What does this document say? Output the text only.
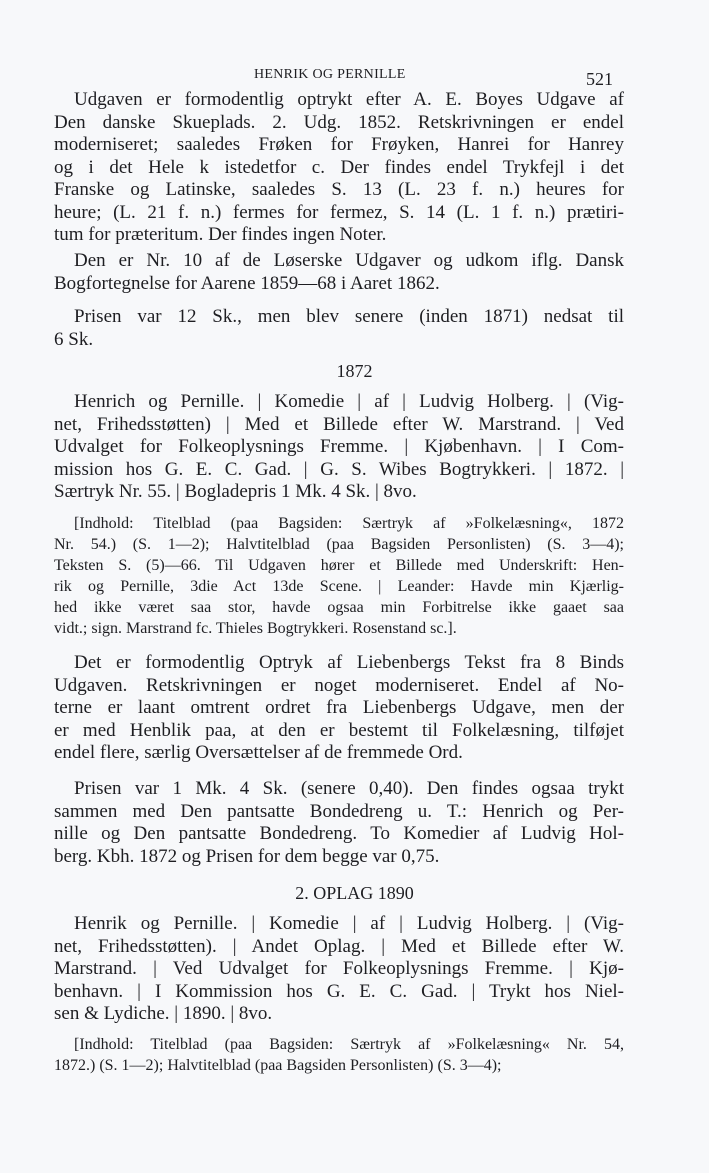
HENRIK OG PERNILLE	521
1872
2. OPLAG 1890
Udgaven er formodentlig optrykt efter A. E. Boyes Udgave af
Den danske Skueplads. 2. Udg. 1852. Retskrivningen er endel
moderniseret; saaledes Frøken for Frøyken, Hanrei for Hanrey
og i det Hele k istedetfor c. Der findes endel Trykfejl i det
Franske og Latinske, saaledes S. 13 (L. 23 f. n.) heures for
heure; (L. 21 f. n.) fermes for fermez, S. 14 (L. 1 f. n.) prætiri-
tum for præteritum. Der findes ingen Noter.
Den er Nr. 10 af de Løserske Udgaver og udkom iflg. Dansk
Bogfortegnelse for Aarene 1859—68 i Aaret 1862.
Prisen var 12 Sk., men blev senere (inden 1871) nedsat til
6 Sk.
Henrich og Pernille. | Komedie | af | Ludvig Holberg. | (Vig-
net, Frihedsstøtten) | Med et Billede efter W. Marstrand. | Ved
Udvalget for Folkeoplysnings Fremme. | Kjøbenhavn. | I Com-
mission hos G. E. C. Gad. | G. S. Wibes Bogtrykkeri. | 1872. |
Særtryk Nr. 55. | Bogladepris 1 Mk. 4 Sk. | 8vo.
[Indhold: Titelblad (paa Bagsiden: Særtryk af »Folkelæsning«, 1872
Nr. 54.) (S. 1—2); Halvtitelblad (paa Bagsiden Personlisten) (S. 3—4);
Teksten S. (5)—66. Til Udgaven hører et Billede med Underskrift: Hen-
rik og Pernille, 3die Act 13de Scene. | Leander: Havde min Kjærlig-
hed ikke været saa stor, havde ogsaa min Forbitrelse ikke gaaet saa
vidt.; sign. Marstrand fc. Thieles Bogtrykkeri. Rosenstand sc.].
Det er formodentlig Optryk af Liebenbergs Tekst fra 8 Binds
Udgaven. Retskrivningen er noget moderniseret. Endel af No-
terne er laant omtrent ordret fra Liebenbergs Udgave, men der
er med Henblik paa, at den er bestemt til Folkelæsning, tilføjet
endel flere, særlig Oversættelser af de fremmede Ord.
Prisen var 1 Mk. 4 Sk. (senere 0,40). Den findes ogsaa trykt
sammen med Den pantsatte Bondedreng u. T.: Henrich og Per-
nille og Den pantsatte Bondedreng. To Komedier af Ludvig Hol-
berg. Kbh. 1872 og Prisen for dem begge var 0,75.
Henrik og Pernille. | Komedie | af | Ludvig Holberg. | (Vig-
net, Frihedsstøtten). | Andet Oplag. | Med et Billede efter W.
Marstrand. | Ved Udvalget for Folkeoplysnings Fremme. | Kjø-
benhavn. | I Kommission hos G. E. C. Gad. | Trykt hos Niel-
sen & Lydiche. | 1890. | 8vo.
[Indhold: Titelblad (paa Bagsiden: Særtryk af »Folkelæsning« Nr. 54,
1872.) (S. 1—2); Halvtitelblad (paa Bagsiden Personlisten) (S. 3—4);
